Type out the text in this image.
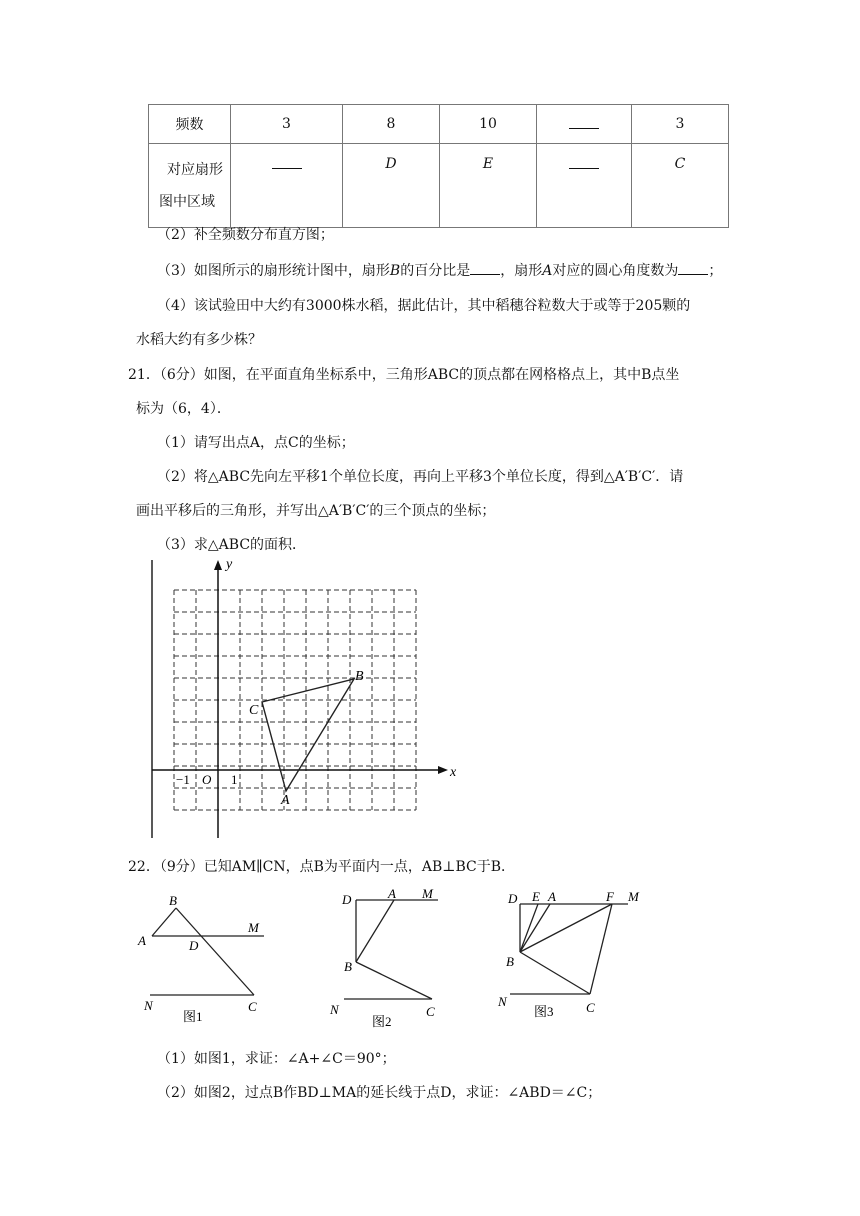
频数	3	8	10		3

对应扇形
图中区域		D	E		C
（2）补全频数分布直方图；
（3）如图所示的扇形统计图中，扇形B的百分比是 ，扇形A对应的圆心角度数为 ；
（4）该试验田中大约有3000株水稻，据此估计，其中稻穗谷粒数大于或等于205颗的
水稻大约有多少株？
21．（6分）如图，在平面直角坐标系中，三角形ABC的顶点都在网格格点上，其中B点坐
标为（6，4）．
（1）请写出点A，点C的坐标；
（2）将△ABC先向左平移1个单位长度，再向上平移3个单位长度，得到△A′B′C′．请
画出平移后的三角形，并写出△A′B′C′的三个顶点的坐标；
（3）求△ABC的面积．
y
x
O
−1	1
A
B
C
22．（9分）已知AM∥CN，点B为平面内一点，AB⊥BC于B．
B
A	D
M
N	C
图1
D	A M
B
N	C
图2
D E A	F M
B
N	C
图3
（1）如图1，求证：∠A+∠C＝90°；
（2）如图2，过点B作BD⊥MA的延长线于点D，求证：∠ABD＝∠C；
